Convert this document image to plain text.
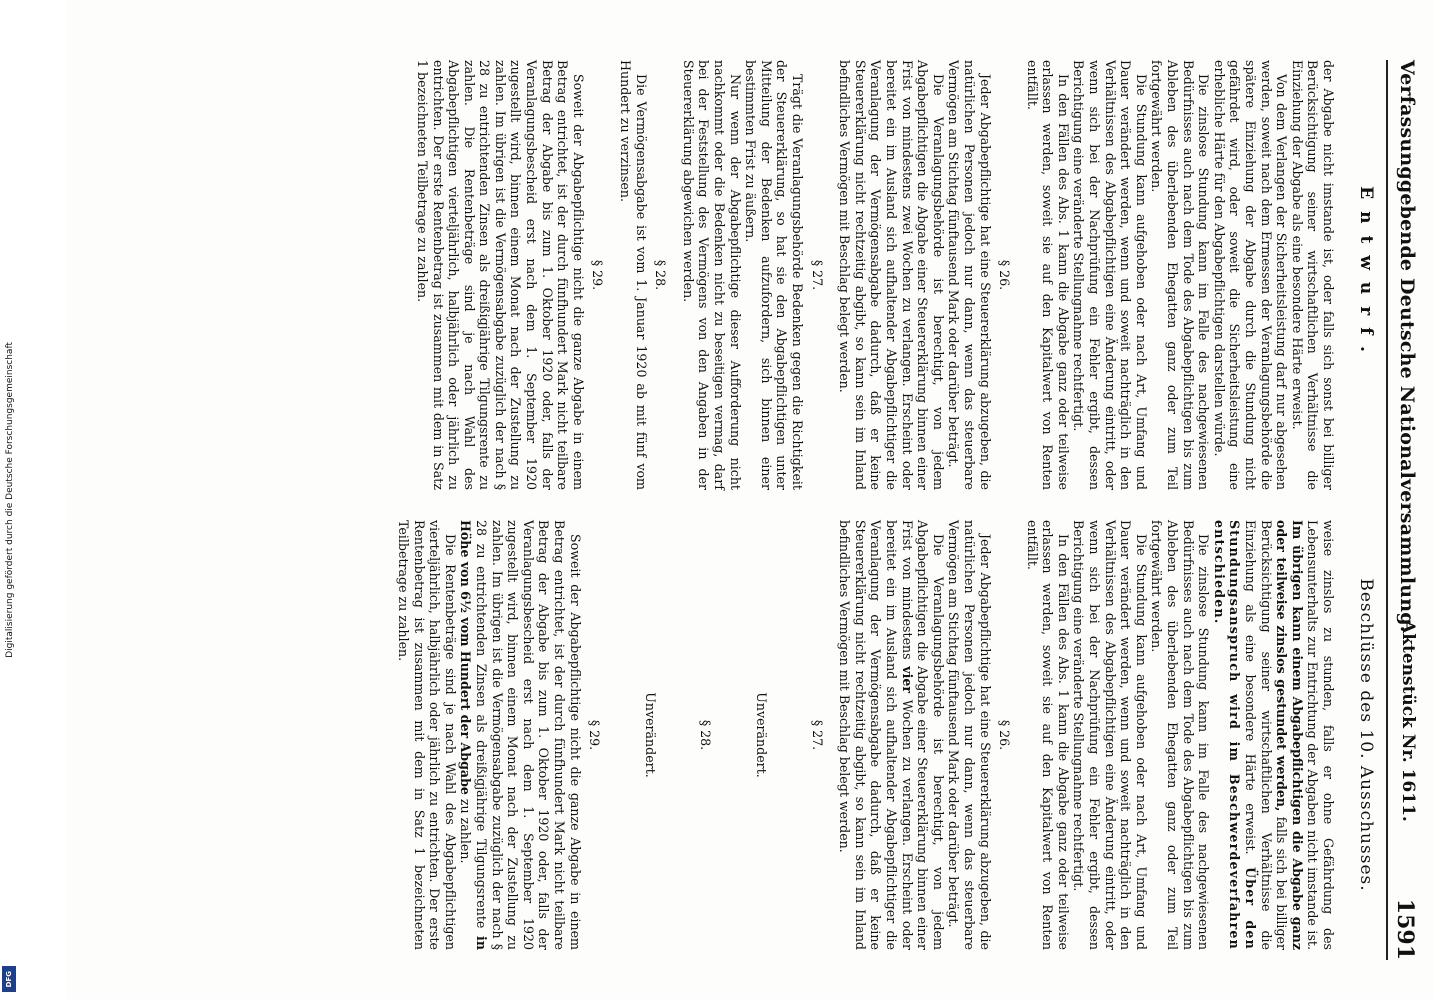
Digitalisierung gefördert durch die Deutsche Forschungsgemeinschaft
DFG
Verfassunggebende Deutsche Nationalversammlung.
Aktenstück Nr. 1611.
1591
Entwurf.
Beschlüsse des 10. Ausschusses.

der Abgabe nicht imstande ist, oder falls sich sonst bei billiger Berücksichtigung seiner wirtschaftlichen Verhältnisse die Einziehung der Abgabe als eine besondere Härte erweist.

Von dem Verlangen der Sicherheitsleistung darf nur abgesehen werden, soweit nach dem Ermessen der Veranlagungsbehörde die spätere Einziehung der Abgabe durch die Stundung nicht gefährdet wird, oder soweit die Sicherheitsleistung eine erhebliche Härte für den Abgabepflichtigen darstellen würde.

Die zinslose Stundung kann im Falle des nachgewiesenen Bedürfnisses auch nach dem Tode des Abgabepflichtigen bis zum Ableben des überlebenden Ehegatten ganz oder zum Teil fortgewährt werden.

Die Stundung kann aufgehoben oder nach Art, Umfang und Dauer verändert werden, wenn und soweit nachträglich in den Verhältnissen des Abgabepflichtigen eine Änderung eintritt, oder wenn sich bei der Nachprüfung ein Fehler ergibt, dessen Berichtigung eine veränderte Stellungnahme rechtfertigt.

In den Fällen des Abs. 1 kann die Abgabe ganz oder teilweise erlassen werden, soweit sie auf den Kapitalwert von Renten entfällt.

§ 26.

Jeder Abgabepflichtige hat eine Steuererklärung abzugeben, die natürlichen Personen jedoch nur dann, wenn das steuerbare Vermögen am Stichtag fünftausend Mark oder darüber beträgt.

Die Veranlagungsbehörde ist berechtigt, von jedem Abgabepflichtigen die Abgabe einer Steuererklärung binnen einer Frist von mindestens zwei Wochen zu verlangen. Erscheint oder bereitet ein im Ausland sich aufhaltender Abgabepflichtiger die Veranlagung der Vermögensabgabe dadurch, daß er keine Steuererklärung nicht rechtzeitig abgibt, so kann sein im Inland befindliches Vermögen mit Beschlag belegt werden.

§ 27.

Trägt die Veranlagungsbehörde Bedenken gegen die Richtigkeit der Steuererklärung, so hat sie den Abgabepflichtigen unter Mitteilung der Bedenken aufzufordern, sich binnen einer bestimmten Frist zu äußern.

Nur wenn der Abgabepflichtige dieser Aufforderung nicht nachkommt oder die Bedenken nicht zu beseitigen vermag, darf bei der Feststellung des Vermögens von den Angaben in der Steuererklärung abgewichen werden.

§ 28.

Die Vermögensabgabe ist vom 1. Januar 1920 ab mit fünf vom Hundert zu verzinsen.

§ 29.

Soweit der Abgabepflichtige nicht die ganze Abgabe in einem Betrag entrichtet, ist der durch fünfhundert Mark nicht teilbare Betrag der Abgabe bis zum 1. Oktober 1920 oder, falls der Veranlagungsbescheid erst nach dem 1. September 1920 zugestellt wird, binnen einem Monat nach der Zustellung zu zahlen. Im übrigen ist die Vermögensabgabe zuzüglich der nach § 28 zu entrichtenden Zinsen als dreißigjährige Tilgungsrente zu zahlen. Die Rentenbeträge sind je nach Wahl des Abgabepflichtigen vierteljährlich, halbjährlich oder jährlich zu entrichten. Der erste Rentenbetrag ist zusammen mit dem in Satz 1 bezeichneten Teilbetrage zu zahlen.

weise zinslos zu stunden, falls er ohne Gefährdung des Lebensunterhalts zur Entrichtung der Abgaben nicht imstande ist. Im übrigen kann einem Abgabepflichtigen die Abgabe ganz oder teilweise zinslos gestundet werden, falls sich bei billiger Berücksichtigung seiner wirtschaftlichen Verhältnisse die Einziehung als eine besondere Härte erweist. Über den Stundungsanspruch wird im Beschwerdeverfahren entschieden.

Die zinslose Stundung kann im Falle des nachgewiesenen Bedürfnisses auch nach dem Tode des Abgabepflichtigen bis zum Ableben des überlebenden Ehegatten ganz oder zum Teil fortgewährt werden.

Die Stundung kann aufgehoben oder nach Art, Umfang und Dauer verändert werden, wenn und soweit nachträglich in den Verhältnissen des Abgabepflichtigen eine Änderung eintritt, oder wenn sich bei der Nachprüfung ein Fehler ergibt, dessen Berichtigung eine veränderte Stellungnahme rechtfertigt.

In den Fällen des Abs. 1 kann die Abgabe ganz oder teilweise erlassen werden, soweit sie auf den Kapitalwert von Renten entfällt.

§ 26.

Jeder Abgabepflichtige hat eine Steuererklärung abzugeben, die natürlichen Personen jedoch nur dann, wenn das steuerbare Vermögen am Stichtag fünftausend Mark oder darüber beträgt.

Die Veranlagungsbehörde ist berechtigt, von jedem Abgabepflichtigen die Abgabe einer Steuererklärung binnen einer Frist von mindestens vier Wochen zu verlangen. Erscheint oder bereitet ein im Ausland sich aufhaltender Abgabepflichtiger die Veranlagung der Vermögensabgabe dadurch, daß er keine Steuererklärung nicht rechtzeitig abgibt, so kann sein im Inland befindliches Vermögen mit Beschlag belegt werden.

§ 27.
Unverändert.
§ 28.
Unverändert.
§ 29.

Soweit der Abgabepflichtige nicht die ganze Abgabe in einem Betrag entrichtet, ist der durch fünfhundert Mark nicht teilbare Betrag der Abgabe bis zum 1. Oktober 1920 oder, falls der Veranlagungsbescheid erst nach dem 1. September 1920 zugestellt wird, binnen einem Monat nach der Zustellung zu zahlen. Im übrigen ist die Vermögensabgabe zuzüglich der nach § 28 zu entrichtenden Zinsen als dreißigjährige Tilgungsrente in Höhe von 6½ vom Hundert der Abgabe zu zahlen.

Die Rentenbeträge sind je nach Wahl des Abgabepflichtigen vierteljährlich, halbjährlich oder jährlich zu entrichten. Der erste Rentenbetrag ist zusammen mit dem in Satz 1 bezeichneten Teilbetrage zu zahlen.
